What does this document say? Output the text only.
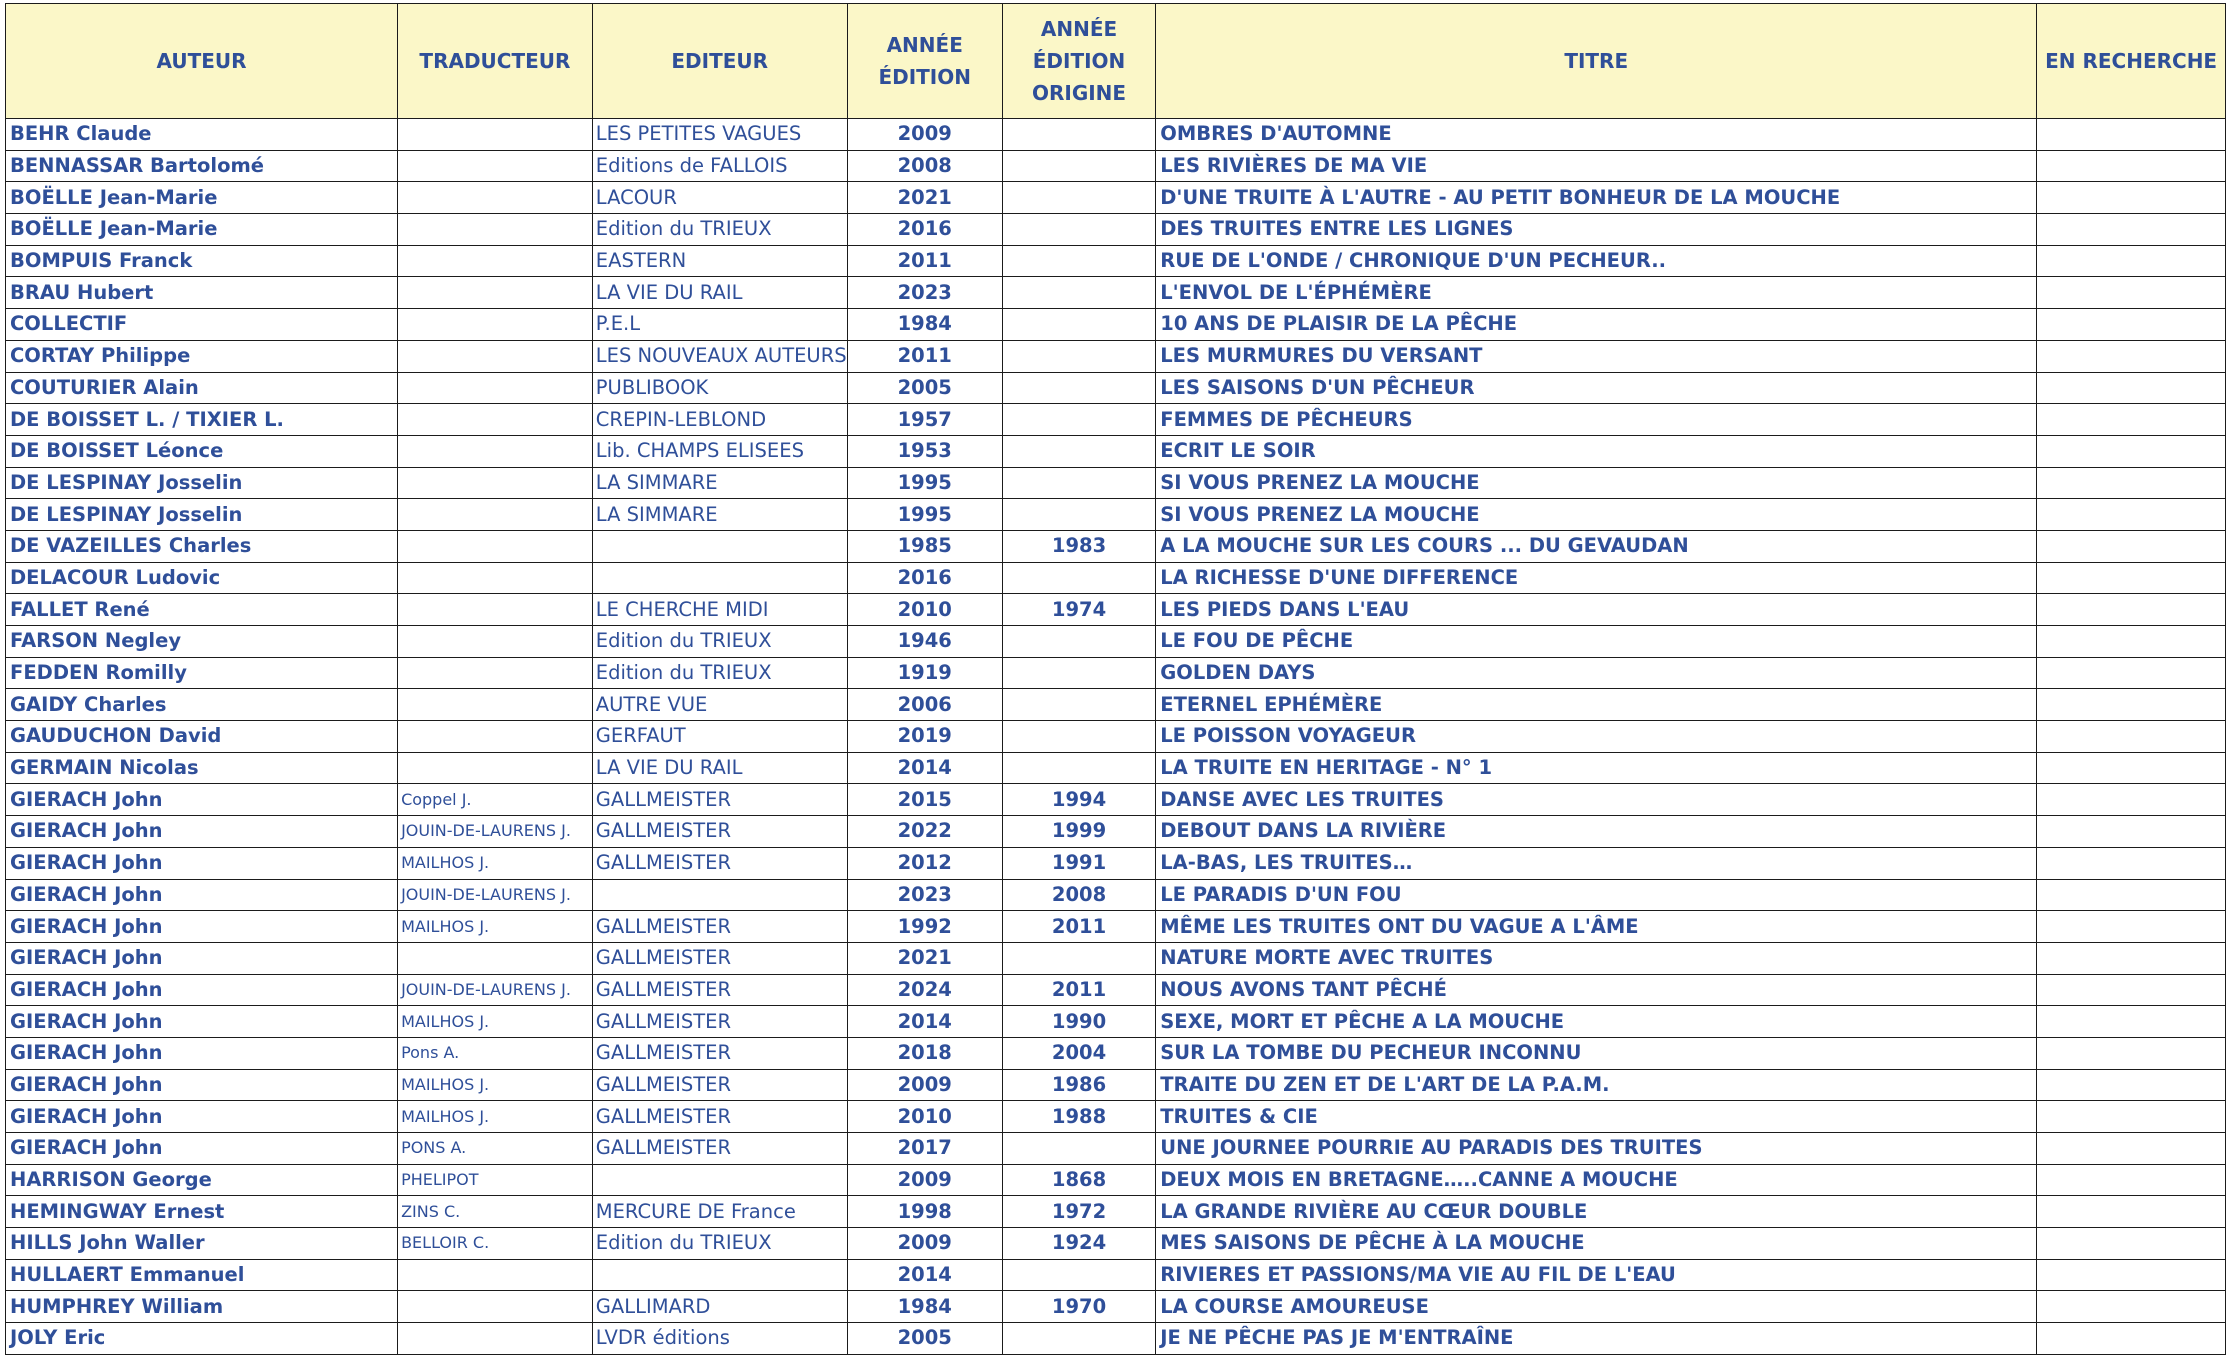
AUTEUR	TRADUCTEUR	EDITEUR	ANNÉE ÉDITION	ANNÉE ÉDITION ORIGINE	TITRE	EN RECHERCHE
BEHR Claude		LES PETITES VAGUES	2009		OMBRES D'AUTOMNE	
BENNASSAR Bartolomé		Editions de FALLOIS	2008		LES RIVIÈRES DE MA VIE	
BOËLLE Jean-Marie		LACOUR	2021		D'UNE TRUITE À L'AUTRE - AU PETIT BONHEUR DE LA MOUCHE	
BOËLLE Jean-Marie		Edition du TRIEUX	2016		DES TRUITES ENTRE LES LIGNES	
BOMPUIS Franck		EASTERN	2011		RUE DE L'ONDE / CHRONIQUE D'UN PECHEUR..	
BRAU Hubert		LA VIE DU RAIL	2023		L'ENVOL DE L'ÉPHÉMÈRE	
COLLECTIF		P.E.L	1984		10 ANS DE PLAISIR DE LA PÊCHE	
CORTAY Philippe		LES NOUVEAUX AUTEURS	2011		LES MURMURES DU VERSANT	
COUTURIER Alain		PUBLIBOOK	2005		LES SAISONS D'UN PÊCHEUR	
DE BOISSET L. / TIXIER L.		CREPIN-LEBLOND	1957		FEMMES DE PÊCHEURS	
DE BOISSET Léonce		Lib. CHAMPS ELISEES	1953		ECRIT LE SOIR	
DE LESPINAY Josselin		LA SIMMARE	1995		SI VOUS PRENEZ LA MOUCHE	
DE LESPINAY Josselin		LA SIMMARE	1995		SI VOUS PRENEZ LA MOUCHE	
DE VAZEILLES Charles			1985	1983	A LA MOUCHE SUR LES COURS ... DU GEVAUDAN	
DELACOUR Ludovic			2016		LA RICHESSE D'UNE DIFFERENCE	
FALLET René		LE CHERCHE MIDI	2010	1974	LES PIEDS DANS L'EAU	
FARSON Negley		Edition du TRIEUX	1946		LE FOU DE PÊCHE	
FEDDEN Romilly		Edition du TRIEUX	1919		GOLDEN DAYS	
GAIDY Charles		AUTRE VUE	2006		ETERNEL EPHÉMÈRE	
GAUDUCHON David		GERFAUT	2019		LE POISSON VOYAGEUR	
GERMAIN Nicolas		LA VIE DU RAIL	2014		LA TRUITE EN HERITAGE - N° 1	
GIERACH John	Coppel J.	GALLMEISTER	2015	1994	DANSE AVEC LES TRUITES	
GIERACH John	JOUIN-DE-LAURENS J.	GALLMEISTER	2022	1999	DEBOUT DANS LA RIVIÈRE	
GIERACH John	MAILHOS J.	GALLMEISTER	2012	1991	LA-BAS, LES TRUITES…	
GIERACH John	JOUIN-DE-LAURENS J.		2023	2008	LE PARADIS D'UN FOU	
GIERACH John	MAILHOS J.	GALLMEISTER	1992	2011	MÊME LES TRUITES ONT DU VAGUE A L'ÂME	
GIERACH John		GALLMEISTER	2021		NATURE MORTE AVEC TRUITES	
GIERACH John	JOUIN-DE-LAURENS J.	GALLMEISTER	2024	2011	NOUS AVONS TANT PÊCHÉ	
GIERACH John	MAILHOS J.	GALLMEISTER	2014	1990	SEXE, MORT ET PÊCHE A LA MOUCHE	
GIERACH John	Pons A.	GALLMEISTER	2018	2004	SUR LA TOMBE DU PECHEUR INCONNU	
GIERACH John	MAILHOS J.	GALLMEISTER	2009	1986	TRAITE DU ZEN ET DE L'ART DE LA P.A.M.	
GIERACH John	MAILHOS J.	GALLMEISTER	2010	1988	TRUITES & CIE	
GIERACH John	PONS A.	GALLMEISTER	2017		UNE JOURNEE POURRIE AU PARADIS DES TRUITES	
HARRISON George	PHELIPOT		2009	1868	DEUX MOIS EN BRETAGNE…..CANNE A MOUCHE	
HEMINGWAY Ernest	ZINS C.	MERCURE DE France	1998	1972	LA GRANDE RIVIÈRE AU CŒUR DOUBLE	
HILLS John Waller	BELLOIR C.	Edition du TRIEUX	2009	1924	MES SAISONS DE PÊCHE À LA MOUCHE	
HULLAERT Emmanuel			2014		RIVIERES ET PASSIONS/MA VIE AU FIL DE L'EAU	
HUMPHREY William		GALLIMARD	1984	1970	LA COURSE AMOUREUSE	
JOLY Eric		LVDR éditions	2005		JE NE PÊCHE PAS JE M'ENTRAÎNE	
